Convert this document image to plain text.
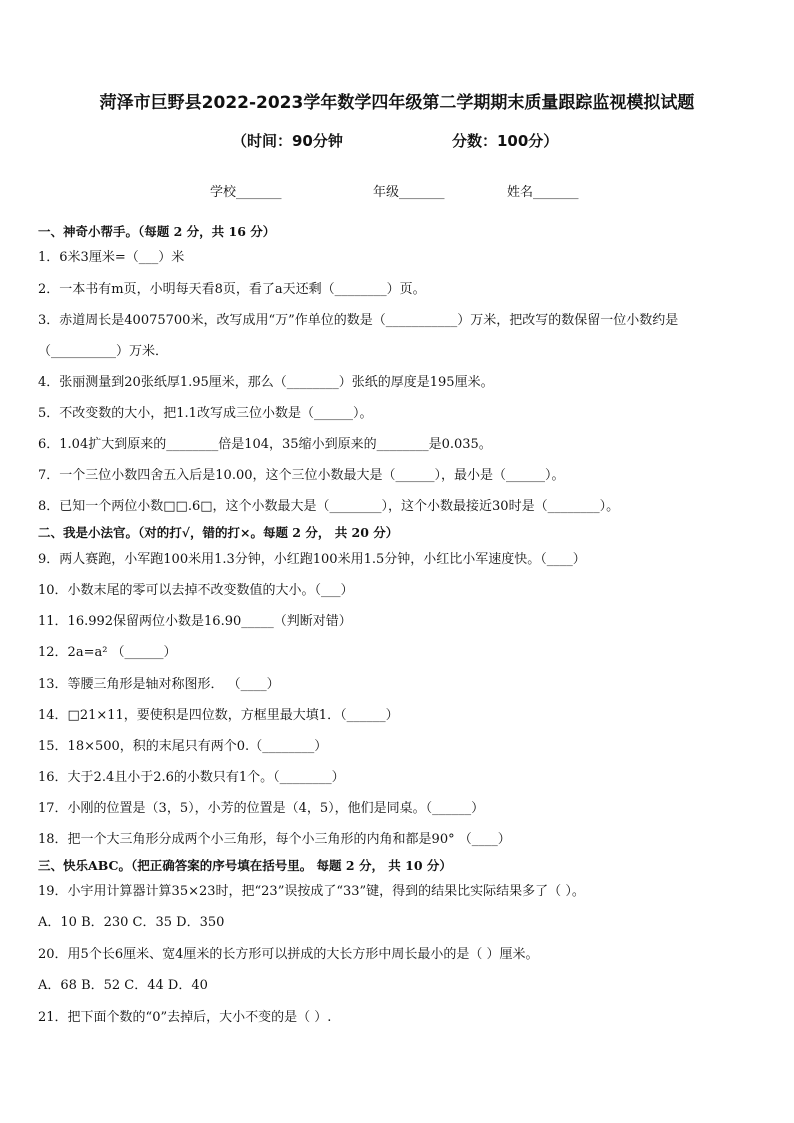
菏泽市巨野县2022-2023学年数学四年级第二学期期末质量跟踪监视模拟试题
（时间：90分钟	分数：100分）
学校_______	年级_______	姓名_______
一、神奇小帮手。（每题 2 分，共 16 分）
1．6米3厘米=（___）米
2．一本书有m页，小明每天看8页，看了a天还剩（________）页。
3．赤道周长是40075700米，改写成用“万”作单位的数是（___________）万米，把改写的数保留一位小数约是
（__________）万米．
4．张丽测量到20张纸厚1.95厘米，那么（________）张纸的厚度是195厘米。
5．不改变数的大小，把1.1改写成三位小数是（______）。
6．1.04扩大到原来的________倍是104，35缩小到原来的________是0.035。
7．一个三位小数四舍五入后是10.00，这个三位小数最大是（______），最小是（______）。
8．已知一个两位小数□□.6□，这个小数最大是（________），这个小数最接近30时是（________）。
二、我是小法官。（对的打√，错的打×。每题 2 分， 共 20 分）
9．两人赛跑，小军跑100米用1.3分钟，小红跑100米用1.5分钟，小红比小军速度快。（____）
10．小数末尾的零可以去掉不改变数值的大小。（___）
11．16.992保留两位小数是16.90_____（判断对错）
12．2a=a² （______）
13．等腰三角形是轴对称图形． （____）
14．□21×11，要使积是四位数，方框里最大填1．（______）
15．18×500，积的末尾只有两个0.（________）
16．大于2.4且小于2.6的小数只有1个。（________）
17．小刚的位置是（3，5），小芳的位置是（4，5），他们是同桌。（______）
18．把一个大三角形分成两个小三角形，每个小三角形的内角和都是90° （____）
三、快乐ABC。（把正确答案的序号填在括号里。 每题 2 分， 共 10 分）
19．小宇用计算器计算35×23时，把“23”误按成了“33”键，得到的结果比实际结果多了（ ）。
A．10 B．230 C．35 D．350
20．用5个长6厘米、宽4厘米的长方形可以拼成的大长方形中周长最小的是（ ）厘米。
A．68 B．52 C．44 D．40
21．把下面个数的“0”去掉后，大小不变的是（ ）.
